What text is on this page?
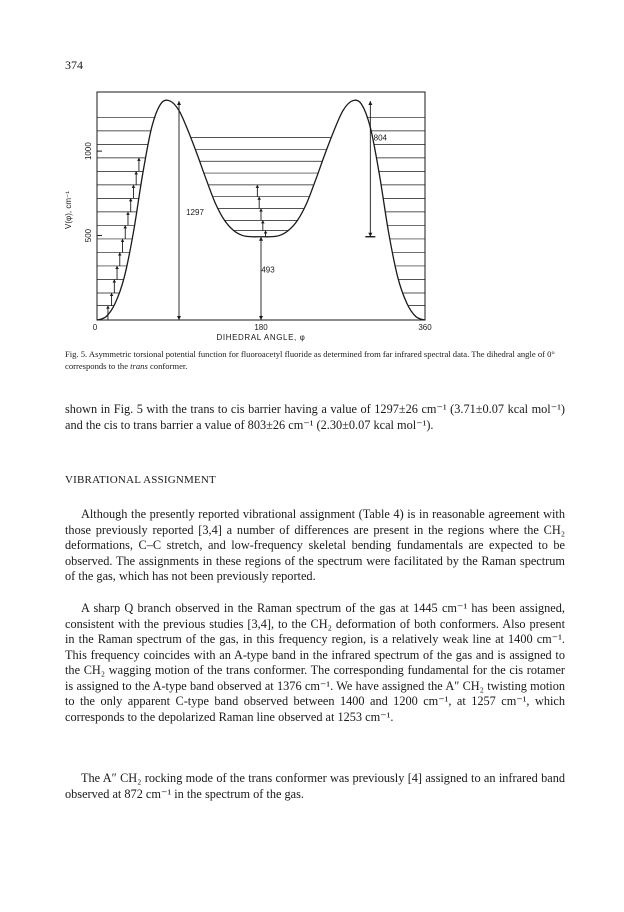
374
1297
804
493
0	180	360
500
1000
DIHEDRAL ANGLE, φ
V(φ), cm⁻¹
Fig. 5. Asymmetric torsional potential function for fluoroacetyl fluoride as determined from far infrared spectral data. The dihedral angle of 0° corresponds to the trans conformer.
shown in Fig. 5 with the trans to cis barrier having a value of 1297±26 cm⁻¹ (3.71±0.07 kcal mol⁻¹) and the cis to trans barrier a value of 803±26 cm⁻¹ (2.30±0.07 kcal mol⁻¹).
VIBRATIONAL ASSIGNMENT
Although the presently reported vibrational assignment (Table 4) is in reasonable agreement with those previously reported [3,4] a number of differences are present in the regions where the CH₂ deformations, C–C stretch, and low-frequency skeletal bending fundamentals are expected to be observed. The assignments in these regions of the spectrum were facilitated by the Raman spectrum of the gas, which has not been previously reported.
A sharp Q branch observed in the Raman spectrum of the gas at 1445 cm⁻¹ has been assigned, consistent with the previous studies [3,4], to the CH₂ deformation of both conformers. Also present in the Raman spectrum of the gas, in this frequency region, is a relatively weak line at 1400 cm⁻¹. This frequency coincides with an A-type band in the infrared spectrum of the gas and is assigned to the CH₂ wagging motion of the trans conformer. The corresponding fundamental for the cis rotamer is assigned to the A-type band observed at 1376 cm⁻¹. We have assigned the A″ CH₂ twisting motion to the only apparent C-type band observed between 1400 and 1200 cm⁻¹, at 1257 cm⁻¹, which corresponds to the depolarized Raman line observed at 1253 cm⁻¹.
The A″ CH₂ rocking mode of the trans conformer was previously [4] assigned to an infrared band observed at 872 cm⁻¹ in the spectrum of the gas.
